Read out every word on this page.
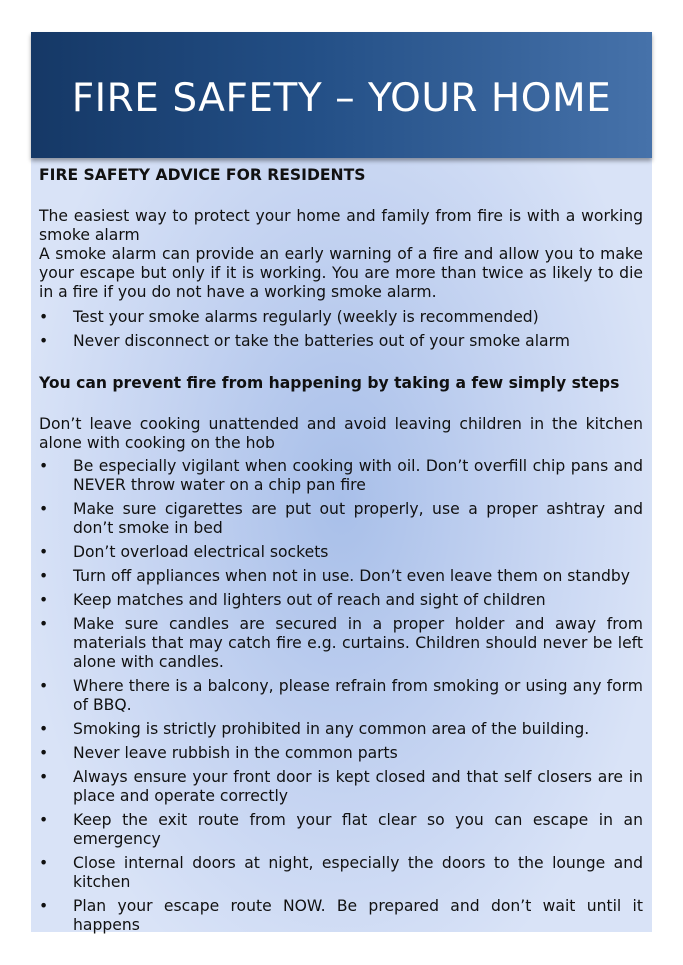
FIRE SAFETY – YOUR HOME
FIRE SAFETY ADVICE FOR RESIDENTS

The easiest way to protect your home and family from fire is with a working smoke alarm

A smoke alarm can provide an early warning of a fire and allow you to make your escape but only if it is working. You are more than twice as likely to die in a fire if you do not have a working smoke alarm.

• Test your smoke alarms regularly (weekly is recommended)
• Never disconnect or take the batteries out of your smoke alarm
You can prevent fire from happening by taking a few simply steps

Don’t leave cooking unattended and avoid leaving children in the kitchen alone with cooking on the hob

• Be especially vigilant when cooking with oil. Don’t overfill chip pans and NEVER throw water on a chip pan fire
• Make sure cigarettes are put out properly, use a proper ashtray and don’t smoke in bed
• Don’t overload electrical sockets
• Turn off appliances when not in use. Don’t even leave them on standby
• Keep matches and lighters out of reach and sight of children
• Make sure candles are secured in a proper holder and away from materials that may catch fire e.g. curtains. Children should never be left alone with candles.
• Where there is a balcony, please refrain from smoking or using any form of BBQ.
• Smoking is strictly prohibited in any common area of the building.
• Never leave rubbish in the common parts
• Always ensure your front door is kept closed and that self closers are in place and operate correctly
• Keep the exit route from your flat clear so you can escape in an emergency
• Close internal doors at night, especially the doors to the lounge and kitchen
• Plan your escape route NOW. Be prepared and don’t wait until it happens
